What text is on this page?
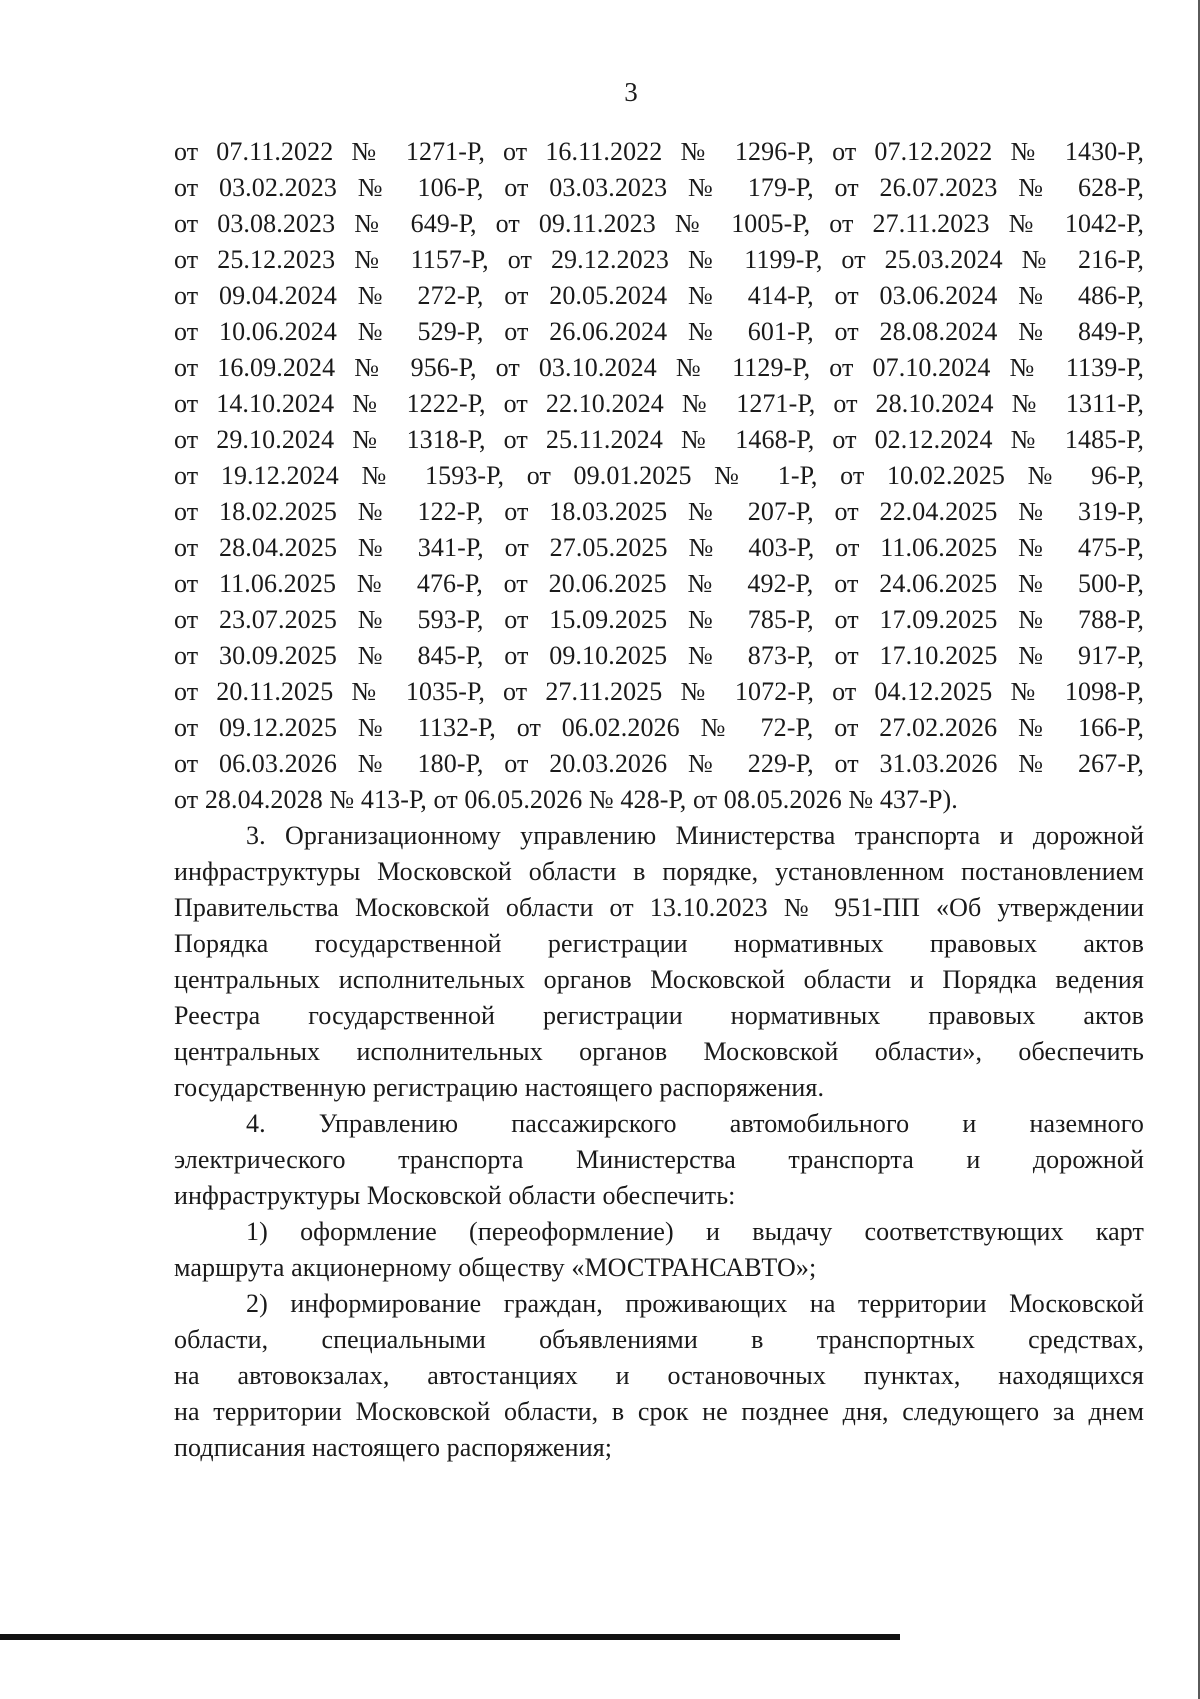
3
от 07.11.2022 № 1271-Р, от 16.11.2022 № 1296-Р, от 07.12.2022 № 1430-Р,
от 03.02.2023 № 106-Р, от 03.03.2023 № 179-Р, от 26.07.2023 № 628-Р,
от 03.08.2023 № 649-Р, от 09.11.2023 № 1005-Р, от 27.11.2023 № 1042-Р,
от 25.12.2023 № 1157-Р, от 29.12.2023 № 1199-Р, от 25.03.2024 № 216-Р,
от 09.04.2024 № 272-Р, от 20.05.2024 № 414-Р, от 03.06.2024 № 486-Р,
от 10.06.2024 № 529-Р, от 26.06.2024 № 601-Р, от 28.08.2024 № 849-Р,
от 16.09.2024 № 956-Р, от 03.10.2024 № 1129-Р, от 07.10.2024 № 1139-Р,
от 14.10.2024 № 1222-Р, от 22.10.2024 № 1271-Р, от 28.10.2024 № 1311-Р,
от 29.10.2024 № 1318-Р, от 25.11.2024 № 1468-Р, от 02.12.2024 № 1485-Р,
от 19.12.2024 № 1593-Р, от 09.01.2025 № 1-Р, от 10.02.2025 № 96-Р,
от 18.02.2025 № 122-Р, от 18.03.2025 № 207-Р, от 22.04.2025 № 319-Р,
от 28.04.2025 № 341-Р, от 27.05.2025 № 403-Р, от 11.06.2025 № 475-Р,
от 11.06.2025 № 476-Р, от 20.06.2025 № 492-Р, от 24.06.2025 № 500-Р,
от 23.07.2025 № 593-Р, от 15.09.2025 № 785-Р, от 17.09.2025 № 788-Р,
от 30.09.2025 № 845-Р, от 09.10.2025 № 873-Р, от 17.10.2025 № 917-Р,
от 20.11.2025 № 1035-Р, от 27.11.2025 № 1072-Р, от 04.12.2025 № 1098-Р,
от 09.12.2025 № 1132-Р, от 06.02.2026 № 72-Р, от 27.02.2026 № 166-Р,
от 06.03.2026 № 180-Р, от 20.03.2026 № 229-Р, от 31.03.2026 № 267-Р,
от 28.04.2028 № 413-Р, от 06.05.2026 № 428-Р, от 08.05.2026 № 437-Р).
3. Организационному управлению Министерства транспорта и дорожной
инфраструктуры Московской области в порядке, установленном постановлением
Правительства Московской области от 13.10.2023 № 951-ПП «Об утверждении
Порядка государственной регистрации нормативных правовых актов
центральных исполнительных органов Московской области и Порядка ведения
Реестра государственной регистрации нормативных правовых актов
центральных исполнительных органов Московской области», обеспечить
государственную регистрацию настоящего распоряжения.
4. Управлению пассажирского автомобильного и наземного
электрического транспорта Министерства транспорта и дорожной
инфраструктуры Московской области обеспечить:
1) оформление (переоформление) и выдачу соответствующих карт
маршрута акционерному обществу «МОСТРАНСАВТО»;
2) информирование граждан, проживающих на территории Московской
области, специальными объявлениями в транспортных средствах,
на автовокзалах, автостанциях и остановочных пунктах, находящихся
на территории Московской области, в срок не позднее дня, следующего за днем
подписания настоящего распоряжения;
